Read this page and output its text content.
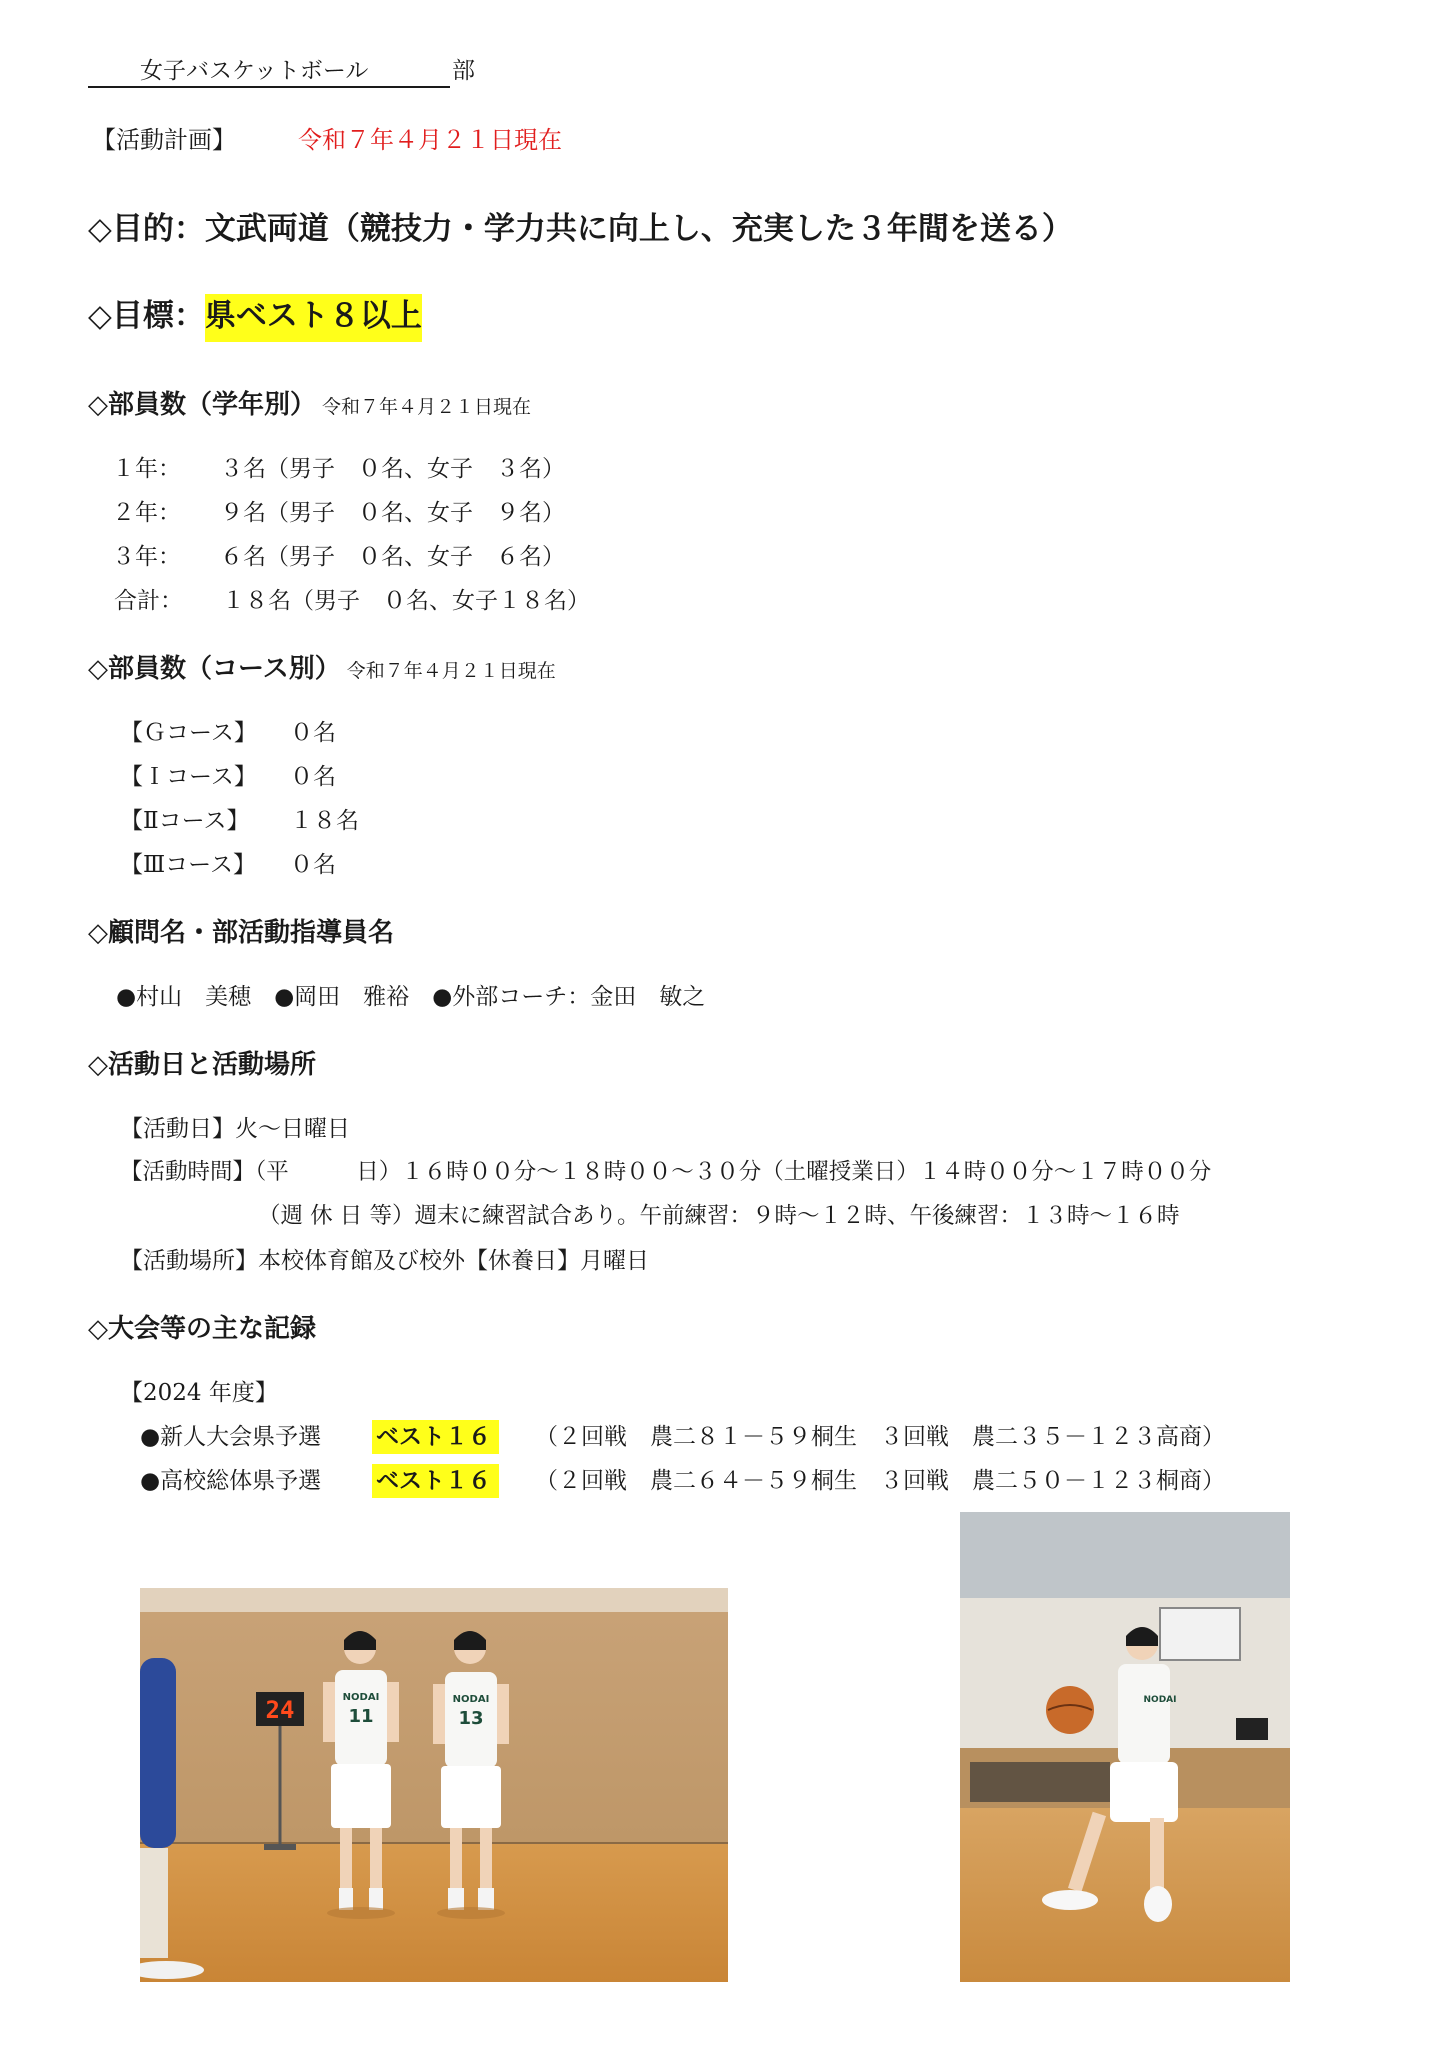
女子バスケットボール	部
【活動計画】	令和７年４月２１日現在
◇目的：文武両道（競技力・学力共に向上し、充実した３年間を送る）
◇目標：県ベスト８以上
◇部員数（学年別） 令和７年４月２１日現在
１年： ３名（男子　０名、女子　３名）
２年： ９名（男子　０名、女子　９名）
３年： ６名（男子　０名、女子　６名）
合計： １８名（男子　０名、女子１８名）
◇部員数（コース別） 令和７年４月２１日現在
【Ｇコース】 ０名
【Ｉコース】 ０名
【Ⅱコース】 １８名
【Ⅲコース】 ０名
◇顧問名・部活動指導員名
●村山　美穂　●岡田　雅裕　●外部コーチ：金田　敏之
◇活動日と活動場所
【活動日】火～日曜日
【活動時間】（平　　　日）１６時００分～１８時００～３０分（土曜授業日）１４時００分～１７時００分
（週 休 日 等）週末に練習試合あり。午前練習：９時～１２時、午後練習：１３時～１６時
【活動場所】本校体育館及び校外【休養日】月曜日
◇大会等の主な記録
【2024 年度】
●新人大会県予選 ベスト１６ （２回戦　農二８１－５９桐生　３回戦　農二３５－１２３高商）
●高校総体県予選 ベスト１６ （２回戦　農二６４－５９桐生　３回戦　農二５０－１２３桐商）
24	NODAI
11
NODAI
13
NODAI
